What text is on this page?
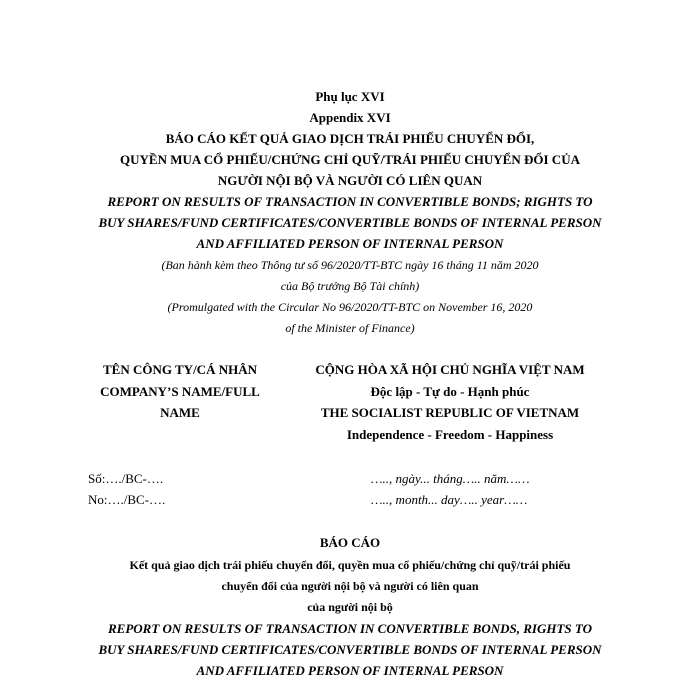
Phụ lục XVI
Appendix XVI
BÁO CÁO KẾT QUẢ GIAO DỊCH TRÁI PHIẾU CHUYỂN ĐỔI,
QUYỀN MUA CỔ PHIẾU/CHỨNG CHỈ QUỸ/TRÁI PHIẾU CHUYỂN ĐỔI CỦA
NGƯỜI NỘI BỘ VÀ NGƯỜI CÓ LIÊN QUAN
REPORT ON RESULTS OF TRANSACTION IN CONVERTIBLE BONDS; RIGHTS TO
BUY SHARES/FUND CERTIFICATES/CONVERTIBLE BONDS OF INTERNAL PERSON
AND AFFILIATED PERSON OF INTERNAL PERSON
(Ban hành kèm theo Thông tư số 96/2020/TT-BTC ngày 16 tháng 11 năm 2020
của Bộ trưởng Bộ Tài chính)
(Promulgated with the Circular No 96/2020/TT-BTC on November 16, 2020
of the Minister of Finance)
TÊN CÔNG TY/CÁ NHÂN
COMPANY’S NAME/FULL
NAME
CỘNG HÒA XÃ HỘI CHỦ NGHĨA VIỆT NAM
Độc lập - Tự do - Hạnh phúc
THE SOCIALIST REPUBLIC OF VIETNAM
Independence - Freedom - Happiness
Số:…./BC-….
No:…./BC-….
….., ngày... tháng….. năm……
….., month... day….. year……
BÁO CÁO
Kết quả giao dịch trái phiếu chuyển đổi, quyền mua cổ phiếu/chứng chỉ quỹ/trái phiếu
chuyển đổi của người nội bộ và người có liên quan
của người nội bộ
REPORT ON RESULTS OF TRANSACTION IN CONVERTIBLE BONDS, RIGHTS TO
BUY SHARES/FUND CERTIFICATES/CONVERTIBLE BONDS OF INTERNAL PERSON
AND AFFILIATED PERSON OF INTERNAL PERSON
